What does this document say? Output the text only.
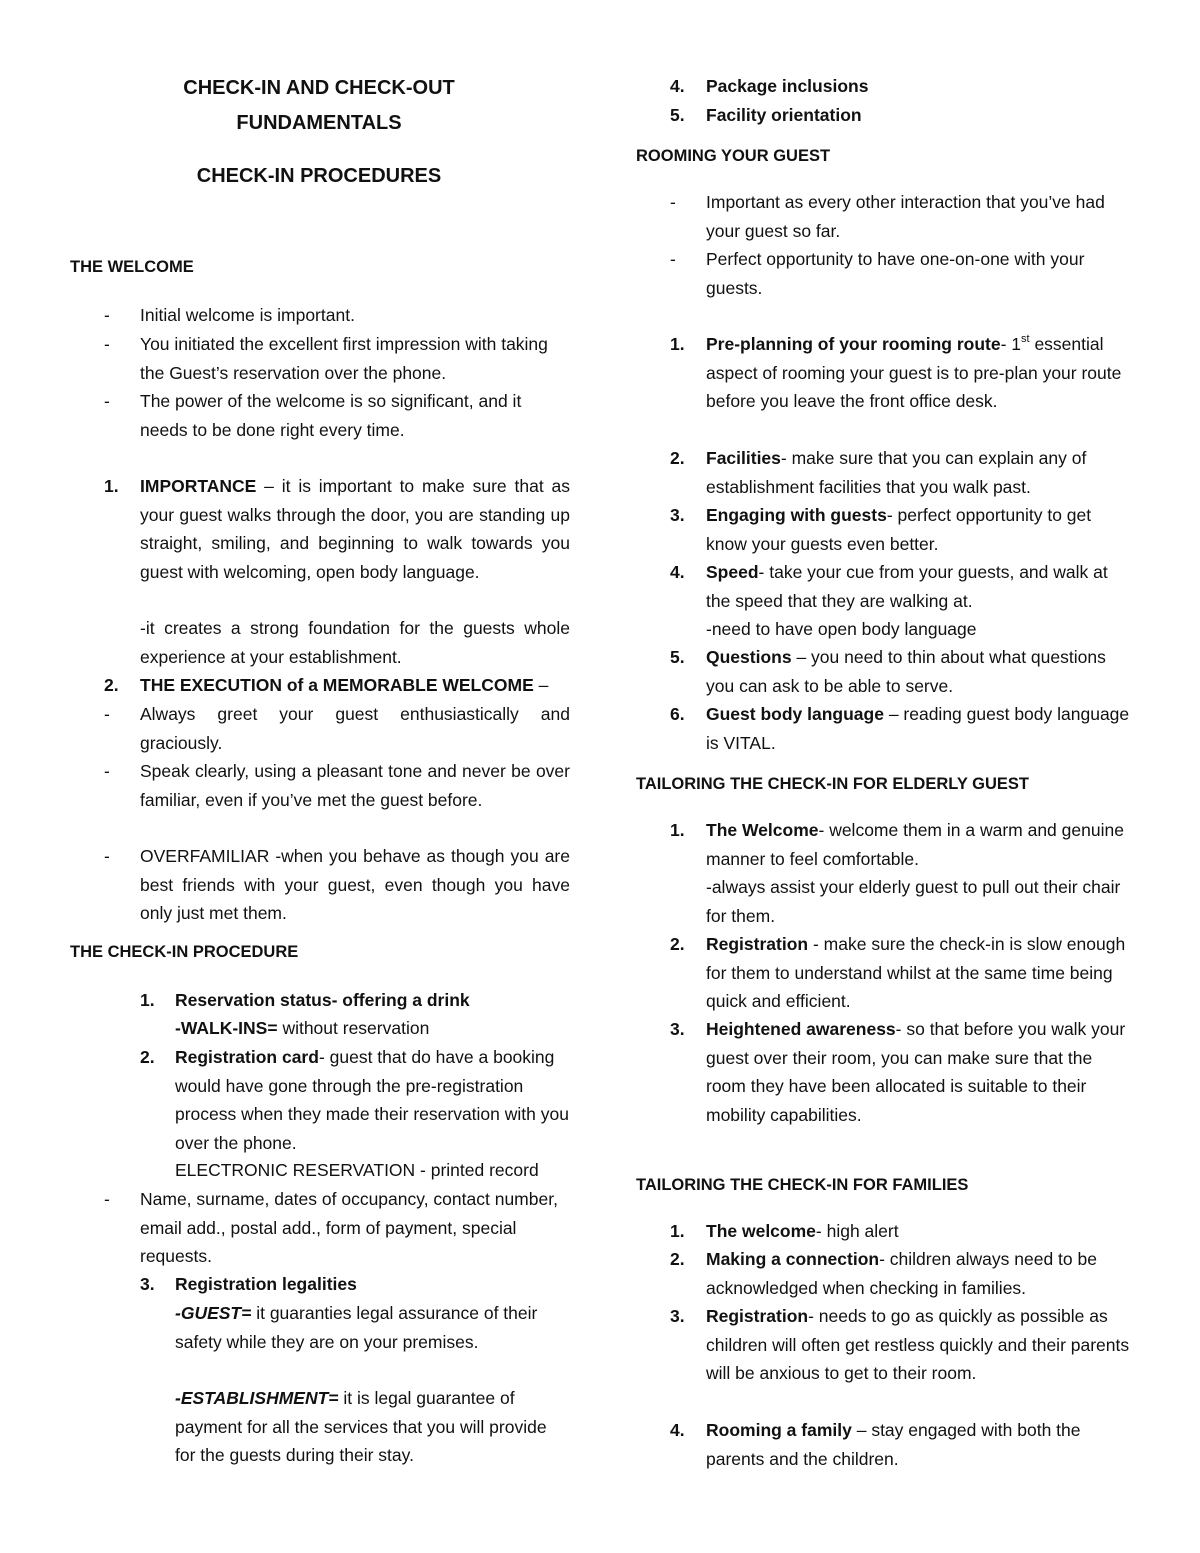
CHECK-IN AND CHECK-OUT
FUNDAMENTALS
CHECK-IN PROCEDURES
THE WELCOME
- Initial welcome is important.
- You initiated the excellent first impression with taking the Guest’s reservation over the phone.
- The power of the welcome is so significant, and it needs to be done right every time.
1. IMPORTANCE – it is important to make sure that as your guest walks through the door, you are standing up straight, smiling, and beginning to walk towards you guest with welcoming, open body language.
-it creates a strong foundation for the guests whole experience at your establishment.
2. THE EXECUTION of a MEMORABLE WELCOME –
- Always greet your guest enthusiastically and graciously.
- Speak clearly, using a pleasant tone and never be over familiar, even if you’ve met the guest before.
- OVERFAMILIAR -when you behave as though you are best friends with your guest, even though you have only just met them.
THE CHECK-IN PROCEDURE
1. Reservation status- offering a drink
-WALK-INS= without reservation
2. Registration card- guest that do have a booking would have gone through the pre-registration process when they made their reservation with you over the phone.
ELECTRONIC RESERVATION - printed record
- Name, surname, dates of occupancy, contact number, email add., postal add., form of payment, special requests.
3. Registration legalities
-GUEST= it guaranties legal assurance of their safety while they are on your premises.
-ESTABLISHMENT= it is legal guarantee of payment for all the services that you will provide for the guests during their stay.
4. Package inclusions
5. Facility orientation
ROOMING YOUR GUEST
- Important as every other interaction that you’ve had your guest so far.
- Perfect opportunity to have one-on-one with your guests.
1. Pre-planning of your rooming route- 1st essential aspect of rooming your guest is to pre-plan your route before you leave the front office desk.
2. Facilities- make sure that you can explain any of establishment facilities that you walk past.
3. Engaging with guests- perfect opportunity to get know your guests even better.
4. Speed- take your cue from your guests, and walk at the speed that they are walking at.
-need to have open body language
5. Questions – you need to thin about what questions you can ask to be able to serve.
6. Guest body language – reading guest body language is VITAL.
TAILORING THE CHECK-IN FOR ELDERLY GUEST
1. The Welcome- welcome them in a warm and genuine manner to feel comfortable.
-always assist your elderly guest to pull out their chair for them.
2. Registration - make sure the check-in is slow enough for them to understand whilst at the same time being quick and efficient.
3. Heightened awareness- so that before you walk your guest over their room, you can make sure that the room they have been allocated is suitable to their mobility capabilities.
TAILORING THE CHECK-IN FOR FAMILIES
1. The welcome- high alert
2. Making a connection- children always need to be acknowledged when checking in families.
3. Registration- needs to go as quickly as possible as children will often get restless quickly and their parents will be anxious to get to their room.
4. Rooming a family – stay engaged with both the parents and the children.
